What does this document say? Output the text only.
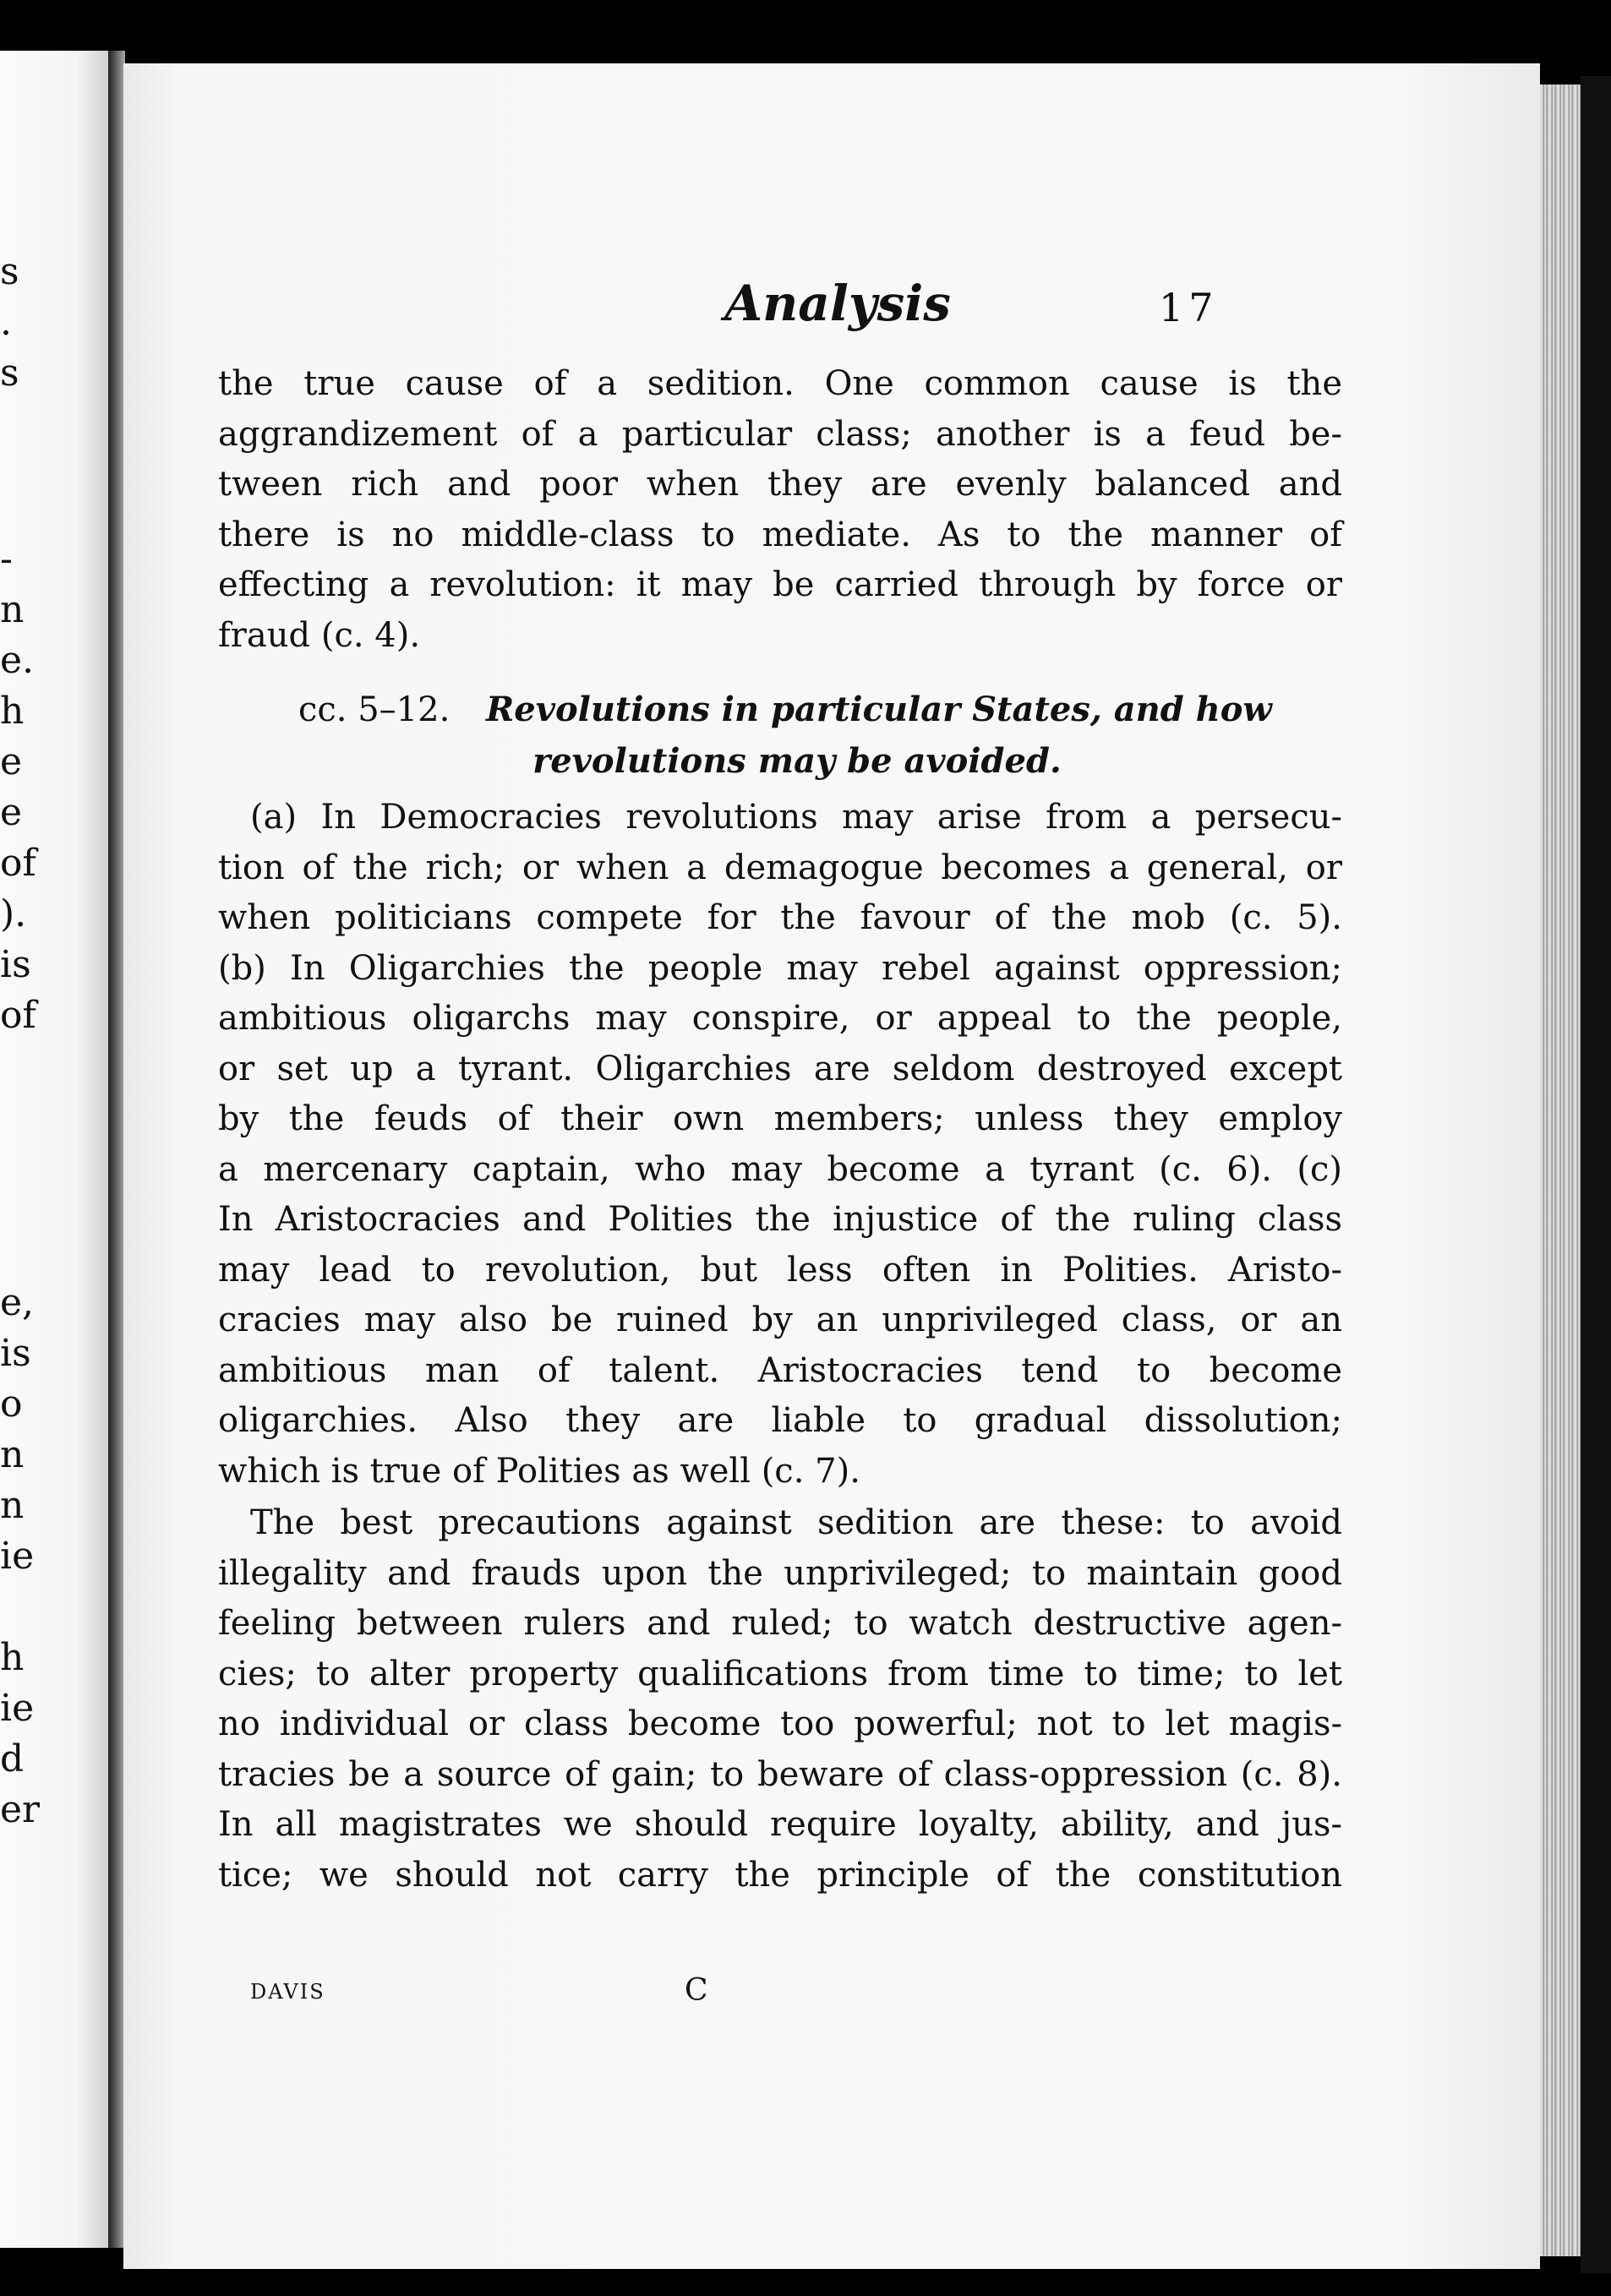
s
.
s
-
n
e.
h
e
e
of
).
is
of
e,
is
o
n
n
ie
h
ie
d
er
Analysis	17
the true cause of a sedition. One common cause is the
aggrandizement of a particular class; another is a feud be-
tween rich and poor when they are evenly balanced and
there is no middle-class to mediate. As to the manner of
effecting a revolution: it may be carried through by force or
fraud (c. 4).
cc. 5–12. Revolutions in particular States, and how
revolutions may be avoided.
(a) In Democracies revolutions may arise from a persecu-
tion of the rich; or when a demagogue becomes a general, or
when politicians compete for the favour of the mob (c. 5).
(b) In Oligarchies the people may rebel against oppression;
ambitious oligarchs may conspire, or appeal to the people,
or set up a tyrant. Oligarchies are seldom destroyed except
by the feuds of their own members; unless they employ
a mercenary captain, who may become a tyrant (c. 6). (c)
In Aristocracies and Polities the injustice of the ruling class
may lead to revolution, but less often in Polities. Aristo-
cracies may also be ruined by an unprivileged class, or an
ambitious man of talent. Aristocracies tend to become
oligarchies. Also they are liable to gradual dissolution;
which is true of Polities as well (c. 7).
The best precautions against sedition are these: to avoid
illegality and frauds upon the unprivileged; to maintain good
feeling between rulers and ruled; to watch destructive agen-
cies; to alter property qualifications from time to time; to let
no individual or class become too powerful; not to let magis-
tracies be a source of gain; to beware of class-oppression (c. 8).
In all magistrates we should require loyalty, ability, and jus-
tice; we should not carry the principle of the constitution
DAVIS	C
